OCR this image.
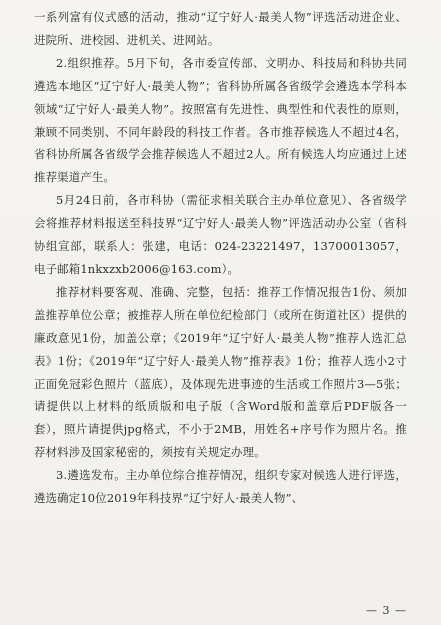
一系列富有仪式感的活动，推动“辽宁好人·最美人物”评选活动进企业、进院所、进校园、进机关、进网站。

2.组织推荐。5月下旬，各市委宣传部、文明办、科技局和科协共同遴选本地区“辽宁好人·最美人物”；省科协所属各省级学会遴选本学科本领域“辽宁好人·最美人物”。按照富有先进性、典型性和代表性的原则，兼顾不同类别、不同年龄段的科技工作者。各市推荐候选人不超过4名，省科协所属各省级学会推荐候选人不超过2人。所有候选人均应通过上述推荐渠道产生。

5月24日前，各市科协（需征求相关联合主办单位意见）、各省级学会将推荐材料报送至科技界“辽宁好人·最美人物”评选活动办公室（省科协组宣部，联系人：张建，电话：024-23221497，13700013057，电子邮箱1nkxzxb2006@163.com）。

推荐材料要客观、准确、完整，包括：推荐工作情况报告1份、须加盖推荐单位公章；被推荐人所在单位纪检部门（或所在街道社区）提供的廉政意见1份，加盖公章；《2019年“辽宁好人·最美人物”推荐人选汇总表》1份；《2019年“辽宁好人·最美人物”推荐表》1份；推荐人选小2寸正面免冠彩色照片（蓝底），及体现先进事迹的生活或工作照片3—5张；请提供以上材料的纸质版和电子版（含Word版和盖章后PDF版各一套），照片请提供jpg格式，不小于2MB，用姓名+序号作为照片名。推荐材料涉及国家秘密的，须按有关规定办理。

3.遴选发布。主办单位综合推荐情况，组织专家对候选人进行评选，遴选确定10位2019年科技界“辽宁好人·最美人物”、

— 3 —
